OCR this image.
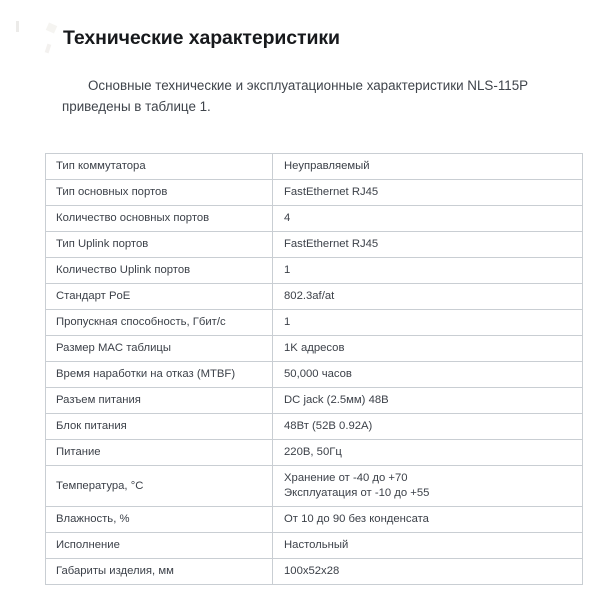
Технические характеристики

Основные технические и эксплуатационные характеристики NLS-115P приведены в таблице 1.

Тип коммутатора	Неуправляемый
Тип основных портов	FastEthernet RJ45
Количество основных портов	4
Тип Uplink портов	FastEthernet RJ45
Количество Uplink портов	1
Стандарт PoE	802.3af/at
Пропускная способность, Гбит/с	1
Размер MAC таблицы	1K адресов
Время наработки на отказ (MTBF)	50,000 часов
Разъем питания	DC jack (2.5мм) 48В
Блок питания	48Вт (52В 0.92A)
Питание	220В, 50Гц
Температура, °С	Хранение от -40 до +70
Эксплуатация от -10 до +55

Влажность, %	От 10 до 90 без конденсата
Исполнение	Настольный
Габариты изделия, мм	100x52x28
